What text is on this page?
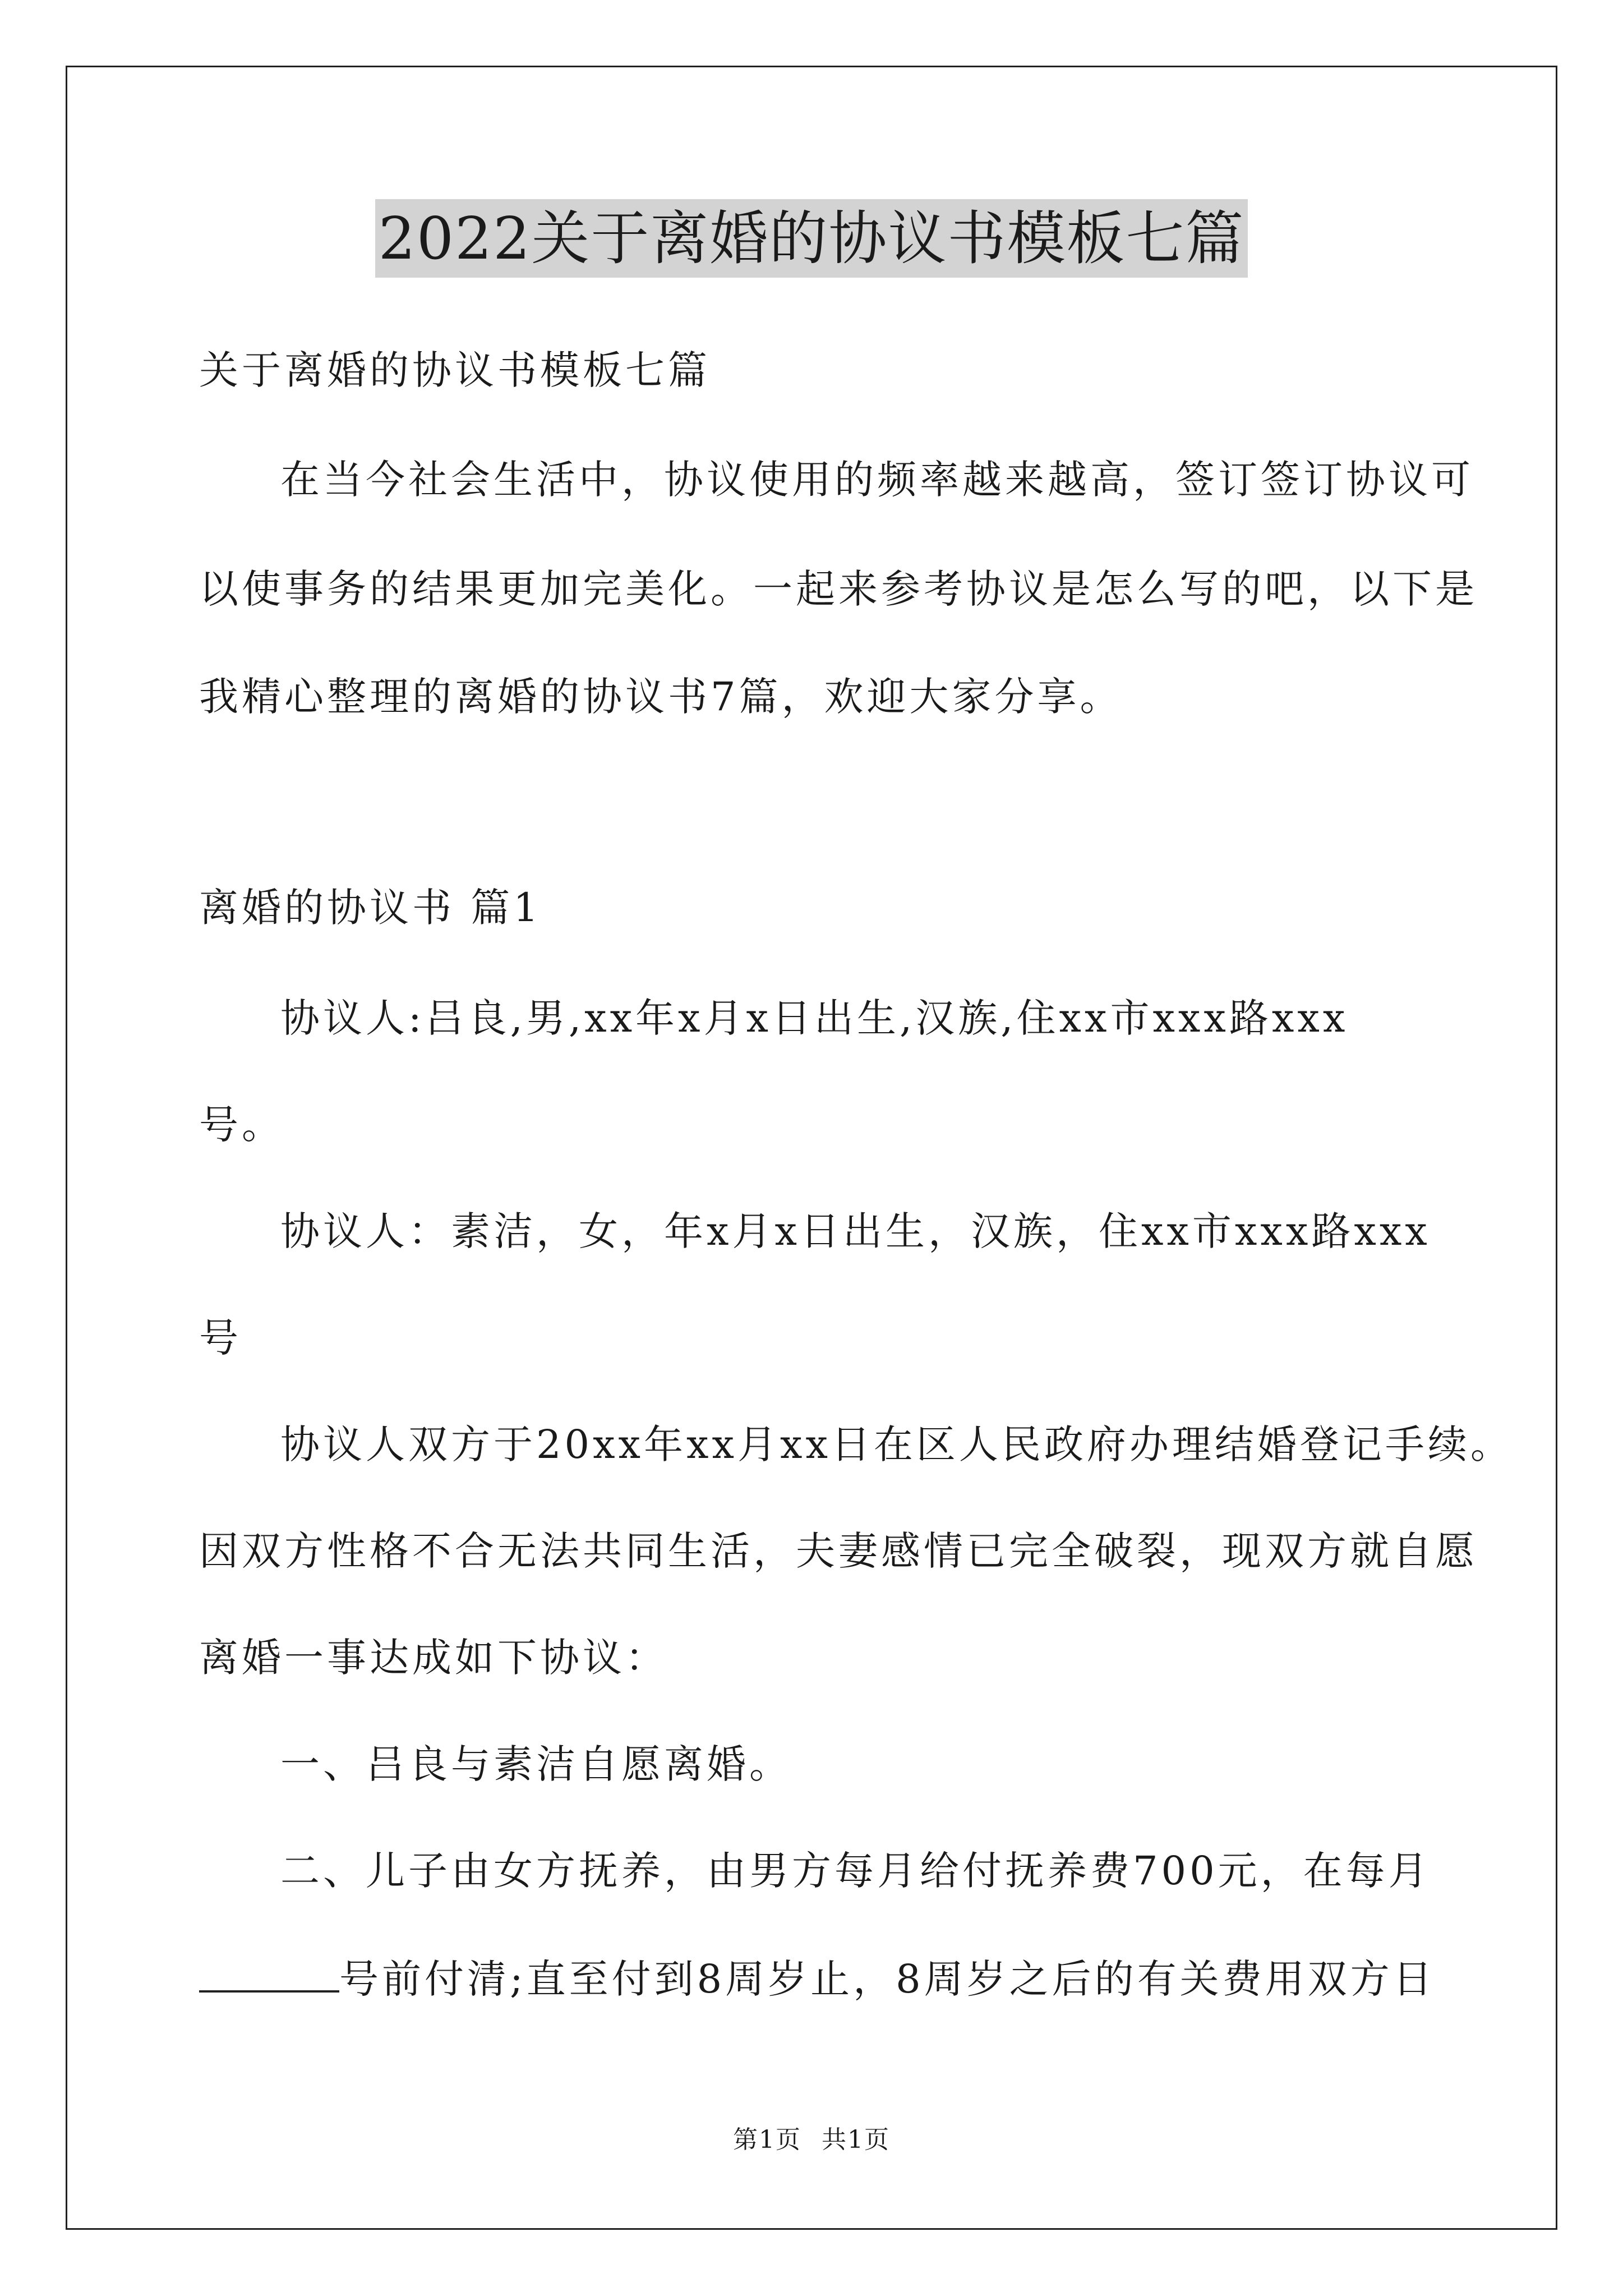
2022关于离婚的协议书模板七篇
关于离婚的协议书模板七篇
在当今社会生活中，协议使用的频率越来越高，签订签订协议可
以使事务的结果更加完美化。一起来参考协议是怎么写的吧，以下是
我精心整理的离婚的协议书7篇，欢迎大家分享。
离婚的协议书 篇1
协议人:吕良,男,xx年x月x日出生,汉族,住xx市xxx路xxx
号。
协议人：素洁，女，年x月x日出生，汉族，住xx市xxx路xxx
号
协议人双方于20xx年xx月xx日在区人民政府办理结婚登记手续。
因双方性格不合无法共同生活，夫妻感情已完全破裂，现双方就自愿
离婚一事达成如下协议：
一、吕良与素洁自愿离婚。
二、儿子由女方抚养，由男方每月给付抚养费700元，在每月
号前付清;直至付到8周岁止，8周岁之后的有关费用双方日
第1页 共1页
